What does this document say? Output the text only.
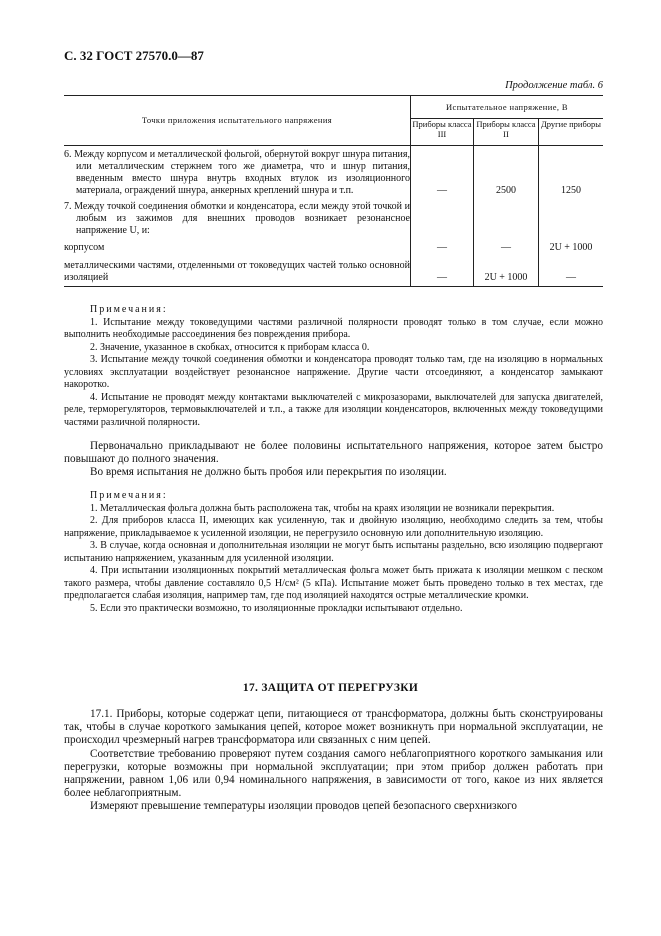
С. 32 ГОСТ 27570.0—87
Продолжение табл. 6
Точки приложения испытательного напряжения	Испытательное напряжение, В		
	Приборы класса III	Приборы класса II	Другие приборы

6. Между корпусом и металлической фольгой, обернутой вокруг шнура питания, или металлическим стержнем того же диаметра, что и шнур питания, введенным вместо шнура внутрь входных втулок из изоляционного материала, ограждений шнура, анкерных креплений шнура и т.п.	—	2500	1250

7. Между точкой соединения обмотки и конденсатора, если между этой точкой и любым из зажимов для внешних проводов возникает резонансное напряжение U, и:			

корпусом	—	—	2U + 1000
металлическими частями, отделенными от токоведущих частей только основной изоляцией	—	2U + 1000	—

Примечания:

1. Испытание между токоведущими частями различной полярности проводят только в том случае, если можно выполнить необходимые рассоединения без повреждения прибора.

2. Значение, указанное в скобках, относится к приборам класса 0.

3. Испытание между точкой соединения обмотки и конденсатора проводят только там, где на изоляцию в нормальных условиях эксплуатации воздействует резонансное напряжение. Другие части отсоединяют, а конденсатор замыкают накоротко.

4. Испытание не проводят между контактами выключателей с микрозазорами, выключателей для запуска двигателей, реле, терморегуляторов, термовыключателей и т.п., а также для изоляции конденсаторов, включенных между токоведущими частями различной полярности.

Первоначально прикладывают не более половины испытательного напряжения, которое затем быстро повышают до полного значения.

Во время испытания не должно быть пробоя или перекрытия по изоляции.

Примечания:

1. Металлическая фольга должна быть расположена так, чтобы на краях изоляции не возникали перекрытия.

2. Для приборов класса II, имеющих как усиленную, так и двойную изоляцию, необходимо следить за тем, чтобы напряжение, прикладываемое к усиленной изоляции, не перегрузило основную или дополнительную изоляцию.

3. В случае, когда основная и дополнительная изоляции не могут быть испытаны раздельно, всю изоляцию подвергают испытанию напряжением, указанным для усиленной изоляции.

4. При испытании изоляционных покрытий металлическая фольга может быть прижата к изоляции мешком с песком такого размера, чтобы давление составляло 0,5 Н/см² (5 кПа). Испытание может быть проведено только в тех местах, где предполагается слабая изоляция, например там, где под изоляцией находятся острые металлические кромки.

5. Если это практически возможно, то изоляционные прокладки испытывают отдельно.

17. ЗАЩИТА ОТ ПЕРЕГРУЗКИ

17.1. Приборы, которые содержат цепи, питающиеся от трансформатора, должны быть сконструированы так, чтобы в случае короткого замыкания цепей, которое может возникнуть при нормальной эксплуатации, не происходил чрезмерный нагрев трансформатора или связанных с ним цепей.

Соответствие требованию проверяют путем создания самого неблагоприятного короткого замыкания или перегрузки, которые возможны при нормальной эксплуатации; при этом прибор должен работать при напряжении, равном 1,06 или 0,94 номинального напряжения, в зависимости от того, какое из них является более неблагоприятным.

Измеряют превышение температуры изоляции проводов цепей безопасного сверхнизкого
